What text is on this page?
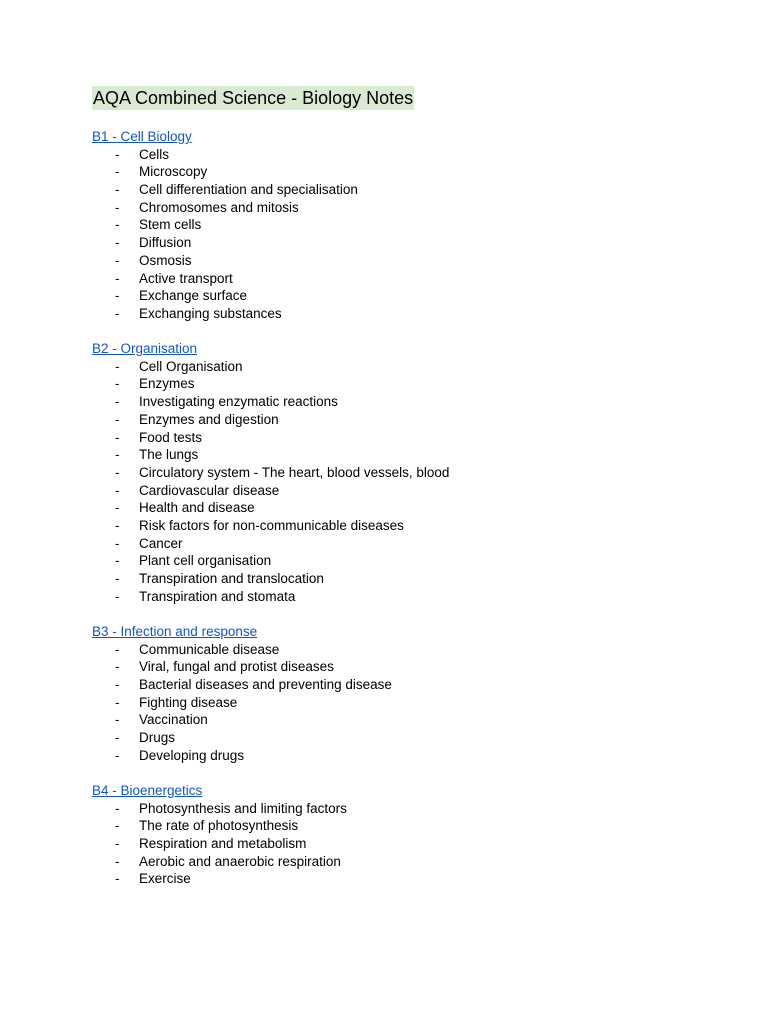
AQA Combined Science - Biology Notes
B1 - Cell Biology
- Cells
- Microscopy
- Cell differentiation and specialisation
- Chromosomes and mitosis
- Stem cells
- Diffusion
- Osmosis
- Active transport
- Exchange surface
- Exchanging substances
B2 - Organisation
- Cell Organisation
- Enzymes
- Investigating enzymatic reactions
- Enzymes and digestion
- Food tests
- The lungs
- Circulatory system - The heart, blood vessels, blood
- Cardiovascular disease
- Health and disease
- Risk factors for non-communicable diseases
- Cancer
- Plant cell organisation
- Transpiration and translocation
- Transpiration and stomata
B3 - Infection and response
- Communicable disease
- Viral, fungal and protist diseases
- Bacterial diseases and preventing disease
- Fighting disease
- Vaccination
- Drugs
- Developing drugs
B4 - Bioenergetics
- Photosynthesis and limiting factors
- The rate of photosynthesis
- Respiration and metabolism
- Aerobic and anaerobic respiration
- Exercise
